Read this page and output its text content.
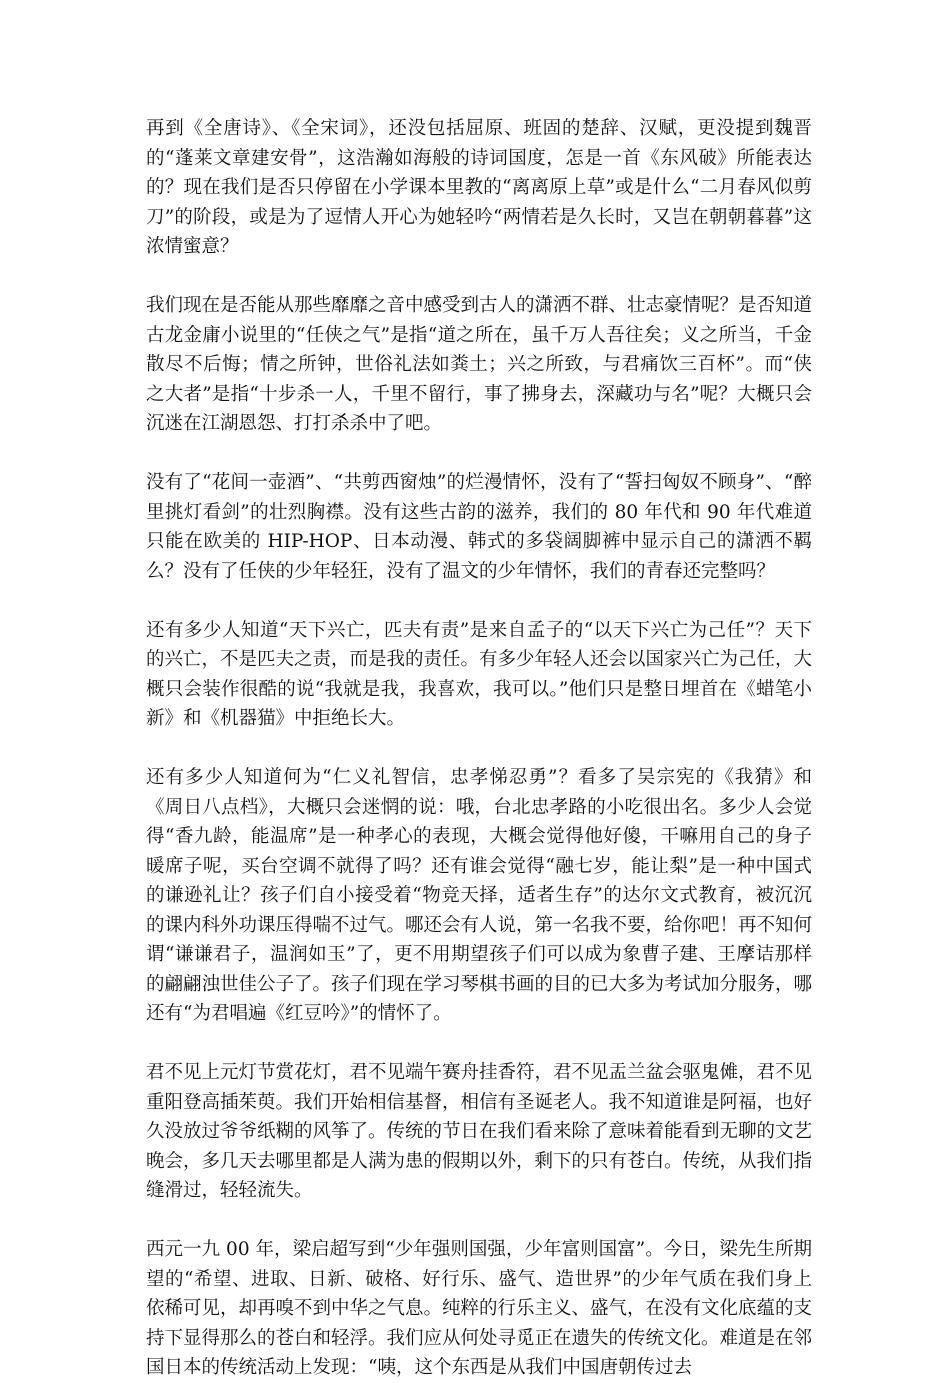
再到《全唐诗》、《全宋词》，还没包括屈原、班固的楚辞、汉赋，更没提到魏晋的“蓬莱文章建安骨”，这浩瀚如海般的诗词国度，怎是一首《东风破》所能表达的？现在我们是否只停留在小学课本里教的“离离原上草”或是什么“二月春风似剪刀”的阶段，或是为了逗情人开心为她轻吟“两情若是久长时，又岂在朝朝暮暮”这浓情蜜意？

我们现在是否能从那些靡靡之音中感受到古人的潇洒不群、壮志豪情呢？是否知道古龙金庸小说里的“任侠之气”是指“道之所在，虽千万人吾往矣；义之所当，千金散尽不后悔；情之所钟，世俗礼法如粪土；兴之所致，与君痛饮三百杯”。而“侠之大者”是指“十步杀一人，千里不留行，事了拂身去，深藏功与名”呢？大概只会沉迷在江湖恩怨、打打杀杀中了吧。

没有了“花间一壶酒”、“共剪西窗烛”的烂漫情怀，没有了“誓扫匈奴不顾身”、“醉里挑灯看剑”的壮烈胸襟。没有这些古韵的滋养，我们的 80 年代和 90 年代难道只能在欧美的 HIP-HOP、日本动漫、韩式的多袋阔脚裤中显示自己的潇洒不羁么？没有了任侠的少年轻狂，没有了温文的少年情怀，我们的青春还完整吗？

还有多少人知道“天下兴亡，匹夫有责”是来自孟子的“以天下兴亡为己任”？天下的兴亡，不是匹夫之责，而是我的责任。有多少年轻人还会以国家兴亡为己任，大概只会装作很酷的说“我就是我，我喜欢，我可以。”他们只是整日埋首在《蜡笔小新》和《机器猫》中拒绝长大。

还有多少人知道何为“仁义礼智信，忠孝悌忍勇”？看多了吴宗宪的《我猜》和《周日八点档》，大概只会迷惘的说：哦，台北忠孝路的小吃很出名。多少人会觉得“香九龄，能温席”是一种孝心的表现，大概会觉得他好傻，干嘛用自己的身子暖席子呢，买台空调不就得了吗？还有谁会觉得“融七岁，能让梨”是一种中国式的谦逊礼让？孩子们自小接受着“物竞天择，适者生存”的达尔文式教育，被沉沉的课内科外功课压得喘不过气。哪还会有人说，第一名我不要，给你吧！再不知何谓“谦谦君子，温润如玉”了，更不用期望孩子们可以成为象曹子建、王摩诘那样的翩翩浊世佳公子了。孩子们现在学习琴棋书画的目的已大多为考试加分服务，哪还有“为君唱遍《红豆吟》”的情怀了。

君不见上元灯节赏花灯，君不见端午赛舟挂香符，君不见盂兰盆会驱鬼傩，君不见重阳登高插茱萸。我们开始相信基督，相信有圣诞老人。我不知道谁是阿福，也好久没放过爷爷纸糊的风筝了。传统的节日在我们看来除了意味着能看到无聊的文艺晚会，多几天去哪里都是人满为患的假期以外，剩下的只有苍白。传统，从我们指缝滑过，轻轻流失。

西元一九 00 年，梁启超写到“少年强则国强，少年富则国富”。今日，梁先生所期望的“希望、进取、日新、破格、好行乐、盛气、造世界”的少年气质在我们身上依稀可见，却再嗅不到中华之气息。纯粹的行乐主义、盛气，在没有文化底蕴的支持下显得那么的苍白和轻浮。我们应从何处寻觅正在遗失的传统文化。难道是在邻国日本的传统活动上发现：“咦，这个东西是从我们中国唐朝传过去
